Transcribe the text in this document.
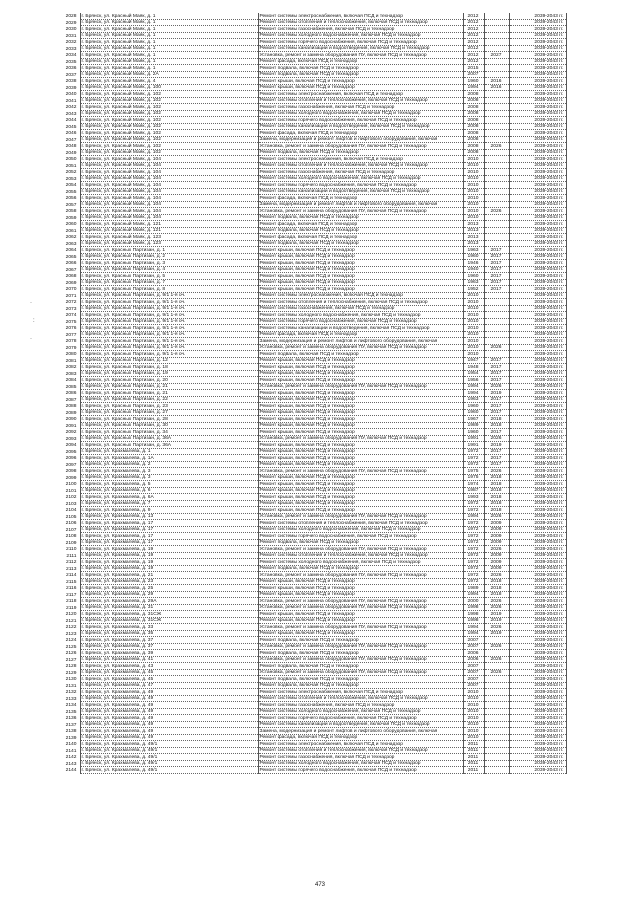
2028	г. Брянск, ул. Красный Маяк, д. 1	Ремонт системы электроснабжения, включая ПСД и технадзор	2012		2039-2043 гг.
2029	г. Брянск, ул. Красный Маяк, д. 1	Ремонт системы отопления и теплоснабжения, включая ПСД и технадзор	2012		2039-2043 гг.
2030	г. Брянск, ул. Красный Маяк, д. 1	Ремонт системы газоснабжения, включая ПСД и технадзор	2012		2039-2043 гг.
2031	г. Брянск, ул. Красный Маяк, д. 1	Ремонт системы холодного водоснабжения, включая ПСД и технадзор	2012		2039-2043 гг.
2032	г. Брянск, ул. Красный Маяк, д. 1	Ремонт системы горячего водоснабжения, включая ПСД и технадзор	2012		2039-2043 гг.
2033	г. Брянск, ул. Красный Маяк, д. 1	Ремонт системы канализации и водоотведения, включая ПСД и технадзор	2012		2039-2043 гг.
2034	г. Брянск, ул. Красный Маяк, д. 1	Установка, ремонт и замена оборудования ПУ, включая ПСД и технадзор	2012	2027	2039-2043 гг.
2035	г. Брянск, ул. Красный Маяк, д. 1	Ремонт фасада, включая ПСД и технадзор	2012		2039-2043 гг.
2036	г. Брянск, ул. Красный Маяк, д. 1	Ремонт подвала, включая ПСД и технадзор	2015		2039-2043 гг.
2037	г. Брянск, ул. Красный Маяк, д. 2А	Ремонт подвала, включая ПСД и технадзор	2007		2039-2043 гг.
2038	г. Брянск, ул. Красный Маяк, д. 4	Ремонт крыши, включая ПСД и технадзор	1960	2016	2039-2043 гг.
2039	г. Брянск, ул. Красный Маяк, д. 100	Ремонт крыши, включая ПСД и технадзор	1994	2016	2039-2043 гг.
2040	г. Брянск, ул. Красный Маяк, д. 102	Ремонт системы электроснабжения, включая ПСД и технадзор	2008		2039-2043 гг.
2041	г. Брянск, ул. Красный Маяк, д. 102	Ремонт системы отопления и теплоснабжения, включая ПСД и технадзор	2008		2039-2043 гг.
2042	г. Брянск, ул. Красный Маяк, д. 102	Ремонт системы газоснабжения, включая ПСД и технадзор	2008		2039-2043 гг.
2043	г. Брянск, ул. Красный Маяк, д. 102	Ремонт системы холодного водоснабжения, включая ПСД и технадзор	2008		2039-2043 гг.
2044	г. Брянск, ул. Красный Маяк, д. 102	Ремонт системы горячего водоснабжения, включая ПСД и технадзор	2008		2039-2043 гг.
2045	г. Брянск, ул. Красный Маяк, д. 102	Ремонт системы канализации и водоотведения, включая ПСД и технадзор	2008		2039-2043 гг.
2046	г. Брянск, ул. Красный Маяк, д. 102	Ремонт фасада, включая ПСД и технадзор	2008		2039-2043 гг.
2047	г. Брянск, ул. Красный Маяк, д. 102	Замена, модернизация и ремонт лифтов и лифтового оборудования, включая	2008		2039-2043 гг.
2048	г. Брянск, ул. Красный Маяк, д. 102	Установка, ремонт и замена оборудования ПУ, включая ПСД и технадзор	2008	2026	2039-2043 гг.
2049	г. Брянск, ул. Красный Маяк, д. 102	Ремонт подвала, включая ПСД и технадзор	2008		2039-2043 гг.
2050	г. Брянск, ул. Красный Маяк, д. 104	Ремонт системы электроснабжения, включая ПСД и технадзор	2010		2039-2043 гг.
2051	г. Брянск, ул. Красный Маяк, д. 104	Ремонт системы отопления и теплоснабжения, включая ПСД и технадзор	2010		2039-2043 гг.
2052	г. Брянск, ул. Красный Маяк, д. 104	Ремонт системы газоснабжения, включая ПСД и технадзор	2010		2039-2043 гг.
2053	г. Брянск, ул. Красный Маяк, д. 104	Ремонт системы холодного водоснабжения, включая ПСД и технадзор	2010		2039-2043 гг.
2054	г. Брянск, ул. Красный Маяк, д. 104	Ремонт системы горячего водоснабжения, включая ПСД и технадзор	2010		2039-2043 гг.
2055	г. Брянск, ул. Красный Маяк, д. 104	Ремонт системы канализации и водоотведения, включая ПСД и технадзор	2010		2039-2043 гг.
2056	г. Брянск, ул. Красный Маяк, д. 104	Ремонт фасада, включая ПСД и технадзор	2010		2039-2043 гг.
2057	г. Брянск, ул. Красный Маяк, д. 104	Замена, модернизация и ремонт лифтов и лифтового оборудования, включая	2010		2039-2043 гг.
2058	г. Брянск, ул. Красный Маяк, д. 104	Установка, ремонт и замена оборудования ПУ, включая ПСД и технадзор	2010	2026	2039-2043 гг.
2059	г. Брянск, ул. Красный Маяк, д. 104	Ремонт подвала, включая ПСД и технадзор	2010		2039-2043 гг.
2060	г. Брянск, ул. Красный Маяк, д. 121	Ремонт фасада, включая ПСД и технадзор	2013		2039-2043 гг.
2061	г. Брянск, ул. Красный Маяк, д. 121	Ремонт подвала, включая ПСД и технадзор	2013		2039-2043 гг.
2062	г. Брянск, ул. Красный Маяк, д. 123	Ремонт фасада, включая ПСД и технадзор	2013		2039-2043 гг.
2063	г. Брянск, ул. Красный Маяк, д. 123	Ремонт подвала, включая ПСД и технадзор	2013		2039-2043 гг.
2064	г. Брянск, ул. Красных Партизан, д. 1	Ремонт крыши, включая ПСД и технадзор	1963	2017	2039-2043 гг.
2065	г. Брянск, ул. Красных Партизан, д. 2	Ремонт крыши, включая ПСД и технадзор	1960	2017	2039-2043 гг.
2066	г. Брянск, ул. Красных Партизан, д. 3	Ремонт крыши, включая ПСД и технадзор	1946	2017	2039-2043 гг.
2067	г. Брянск, ул. Красных Партизан, д. 4	Ремонт крыши, включая ПСД и технадзор	1940	2017	2039-2043 гг.
2068	г. Брянск, ул. Красных Партизан, д. 5	Ремонт крыши, включая ПСД и технадзор	1960	2017	2039-2043 гг.
2069	г. Брянск, ул. Красных Партизан, д. 7	Ремонт крыши, включая ПСД и технадзор	1963	2017	2039-2043 гг.
2070	г. Брянск, ул. Красных Партизан, д. 8	Ремонт крыши, включая ПСД и технадзор	1952	2017	2039-2043 гг.
2071	г. Брянск, ул. Красных Партизан, д. 9/1 1-я оч.	Ремонт системы электроснабжения, включая ПСД и технадзор	2010		2039-2043 гг.
2072	г. Брянск, ул. Красных Партизан, д. 9/1 1-я оч.	Ремонт системы отопления и теплоснабжения, включая ПСД и технадзор	2010		2039-2043 гг.
2073	г. Брянск, ул. Красных Партизан, д. 9/1 1-я оч.	Ремонт системы газоснабжения, включая ПСД и технадзор	2010		2039-2043 гг.
2074	г. Брянск, ул. Красных Партизан, д. 9/1 1-я оч.	Ремонт системы холодного водоснабжения, включая ПСД и технадзор	2010		2039-2043 гг.
2075	г. Брянск, ул. Красных Партизан, д. 9/1 1-я оч.	Ремонт системы горячего водоснабжения, включая ПСД и технадзор	2010		2039-2043 гг.
2076	г. Брянск, ул. Красных Партизан, д. 9/1 1-я оч.	Ремонт системы канализации и водоотведения, включая ПСД и технадзор	2010		2039-2043 гг.
2077	г. Брянск, ул. Красных Партизан, д. 9/1 1-я оч.	Ремонт фасада, включая ПСД и технадзор	2010		2039-2043 гг.
2078	г. Брянск, ул. Красных Партизан, д. 9/1 1-я оч.	Замена, модернизация и ремонт лифтов и лифтового оборудования, включая	2010		2039-2043 гг.
2079	г. Брянск, ул. Красных Партизан, д. 9/1 1-я оч.	Установка, ремонт и замена оборудования ПУ, включая ПСД и технадзор	2010	2026	2039-2043 гг.
2080	г. Брянск, ул. Красных Партизан, д. 9/1 1-я оч.	Ремонт подвала, включая ПСД и технадзор	2010		2039-2043 гг.
2081	г. Брянск, ул. Красных Партизан, д. 12	Ремонт крыши, включая ПСД и технадзор	1947	2017	2039-2043 гг.
2082	г. Брянск, ул. Красных Партизан, д. 18	Ремонт крыши, включая ПСД и технадзор	1948	2017	2039-2043 гг.
2083	г. Брянск, ул. Красных Партизан, д. 19	Ремонт крыши, включая ПСД и технадзор	1954	2017	2039-2043 гг.
2084	г. Брянск, ул. Красных Партизан, д. 20	Ремонт крыши, включая ПСД и технадзор	1956	2017	2039-2043 гг.
2085	г. Брянск, ул. Красных Партизан, д. 21	Установка, ремонт и замена оборудования ПУ, включая ПСД и технадзор	1994	2026	2039-2043 гг.
2086	г. Брянск, ул. Красных Партизан, д. 21	Ремонт крыши, включая ПСД и технадзор	1994	2019	2039-2043 гг.
2087	г. Брянск, ул. Красных Партизан, д. 22	Ремонт крыши, включая ПСД и технадзор	1963	2017	2039-2043 гг.
2088	г. Брянск, ул. Красных Партизан, д. 23	Ремонт крыши, включая ПСД и технадзор	1960	2017	2039-2043 гг.
2089	г. Брянск, ул. Красных Партизан, д. 27	Ремонт крыши, включая ПСД и технадзор	1960	2017	2039-2043 гг.
2090	г. Брянск, ул. Красных Партизан, д. 28	Ремонт крыши, включая ПСД и технадзор	1967	2018	2039-2043 гг.
2091	г. Брянск, ул. Красных Партизан, д. 30	Ремонт крыши, включая ПСД и технадзор	1989	2018	2039-2043 гг.
2092	г. Брянск, ул. Красных Партизан, д. 34	Ремонт крыши, включая ПСД и технадзор	1960	2017	2039-2043 гг.
2093	г. Брянск, ул. Красных Партизан, д. 36А	Установка, ремонт и замена оборудования ПУ, включая ПСД и технадзор	1991	2026	2039-2043 гг.
2094	г. Брянск, ул. Красных Партизан, д. 36А	Ремонт крыши, включая ПСД и технадзор	1991	2019	2039-2043 гг.
2095	г. Брянск, ул. Крахмалева, д. 1	Ремонт крыши, включая ПСД и технадзор	1972	2017	2039-2043 гг.
2096	г. Брянск, ул. Крахмалева, д. 1А	Ремонт крыши, включая ПСД и технадзор	1972	2017	2039-2043 гг.
2097	г. Брянск, ул. Крахмалева, д. 2	Ремонт крыши, включая ПСД и технадзор	1972	2017	2039-2043 гг.
2098	г. Брянск, ул. Крахмалева, д. 3	Установка, ремонт и замена оборудования ПУ, включая ПСД и технадзор	1975	2026	2039-2043 гг.
2099	г. Брянск, ул. Крахмалева, д. 3	Ремонт крыши, включая ПСД и технадзор	1975	2018	2039-2043 гг.
2100	г. Брянск, ул. Крахмалева, д. 5	Ремонт крыши, включая ПСД и технадзор	1974	2018	2039-2043 гг.
2101	г. Брянск, ул. Крахмалева, д. 6	Ремонт крыши, включая ПСД и технадзор	1987	2018	2039-2043 гг.
2102	г. Брянск, ул. Крахмалева, д. 6А	Ремонт крыши, включая ПСД и технадзор	1993	2018	2039-2043 гг.
2103	г. Брянск, ул. Крахмалева, д. 7	Ремонт крыши, включая ПСД и технадзор	1972	2018	2039-2043 гг.
2104	г. Брянск, ул. Крахмалева, д. 9	Ремонт крыши, включая ПСД и технадзор	1972	2018	2039-2043 гг.
2105	г. Брянск, ул. Крахмалева, д. 13	Установка, ремонт и замена оборудования ПУ, включая ПСД и технадзор	1994	2026	2039-2043 гг.
2106	г. Брянск, ул. Крахмалева, д. 17	Ремонт системы отопления и теплоснабжения, включая ПСД и технадзор	1972	2009	2039-2043 гг.
2107	г. Брянск, ул. Крахмалева, д. 17	Ремонт системы холодного водоснабжения, включая ПСД и технадзор	1972	2009	2039-2043 гг.
2108	г. Брянск, ул. Крахмалева, д. 17	Ремонт системы горячего водоснабжения, включая ПСД и технадзор	1972	2009	2039-2043 гг.
2109	г. Брянск, ул. Крахмалева, д. 17	Ремонт подвала, включая ПСД и технадзор	1972	2009	2039-2043 гг.
2110	г. Брянск, ул. Крахмалева, д. 19	Установка, ремонт и замена оборудования ПУ, включая ПСД и технадзор	1972	2026	2039-2043 гг.
2111	г. Брянск, ул. Крахмалева, д. 19	Ремонт системы отопления и теплоснабжения, включая ПСД и технадзор	1972	2009	2039-2043 гг.
2112	г. Брянск, ул. Крахмалева, д. 19	Ремонт системы холодного водоснабжения, включая ПСД и технадзор	1972	2009	2039-2043 гг.
2113	г. Брянск, ул. Крахмалева, д. 19	Ремонт подвала, включая ПСД и технадзор	1972	2009	2039-2043 гг.
2114	г. Брянск, ул. Крахмалева, д. 21	Установка, ремонт и замена оборудования ПУ, включая ПСД и технадзор	1972	2026	2039-2043 гг.
2115	г. Брянск, ул. Крахмалева, д. 23	Ремонт крыши, включая ПСД и технадзор	1972	2018	2039-2043 гг.
2116	г. Брянск, ул. Крахмалева, д. 25	Ремонт крыши, включая ПСД и технадзор	1989	2018	2039-2043 гг.
2117	г. Брянск, ул. Крахмалева, д. 29	Ремонт крыши, включая ПСД и технадзор	1994	2018	2039-2043 гг.
2118	г. Брянск, ул. Крахмалева, д. 29А	Установка, ремонт и замена оборудования ПУ, включая ПСД и технадзор	2000	2026	2039-2043 гг.
2119	г. Брянск, ул. Крахмалева, д. 31	Установка, ремонт и замена оборудования ПУ, включая ПСД и технадзор	1998	2026	2039-2043 гг.
2120	г. Брянск, ул. Крахмалева, д. 31СЖ	Ремонт крыши, включая ПСД и технадзор	1998	2019	2039-2043 гг.
2121	г. Брянск, ул. Крахмалева, д. 31СЖ	Ремонт крыши, включая ПСД и технадзор	1998	2019	2039-2043 гг.
2122	г. Брянск, ул. Крахмалева, д. 33	Установка, ремонт и замена оборудования ПУ, включая ПСД и технадзор	1994	2026	2039-2043 гг.
2123	г. Брянск, ул. Крахмалева, д. 35	Ремонт крыши, включая ПСД и технадзор	1994	2019	2039-2043 гг.
2124	г. Брянск, ул. Крахмалева, д. 37	Ремонт подвала, включая ПСД и технадзор	2007		2039-2043 гг.
2125	г. Брянск, ул. Крахмалева, д. 37	Установка, ремонт и замена оборудования ПУ, включая ПСД и технадзор	2007	2026	2039-2043 гг.
2126	г. Брянск, ул. Крахмалева, д. 39	Ремонт подвала, включая ПСД и технадзор	2006		2039-2043 гг.
2127	г. Брянск, ул. Крахмалева, д. 41	Установка, ремонт и замена оборудования ПУ, включая ПСД и технадзор	2006	2026	2039-2043 гг.
2128	г. Брянск, ул. Крахмалева, д. 43	Ремонт подвала, включая ПСД и технадзор	2007		2039-2043 гг.
2129	г. Брянск, ул. Крахмалева, д. 45	Установка, ремонт и замена оборудования ПУ, включая ПСД и технадзор	2007	2026	2039-2043 гг.
2130	г. Брянск, ул. Крахмалева, д. 45	Ремонт подвала, включая ПСД и технадзор	2007		2039-2043 гг.
2131	г. Брянск, ул. Крахмалева, д. 47	Ремонт подвала, включая ПСД и технадзор	2007		2039-2043 гг.
2132	г. Брянск, ул. Крахмалева, д. 49	Ремонт системы электроснабжения, включая ПСД и технадзор	2010		2039-2043 гг.
2133	г. Брянск, ул. Крахмалева, д. 49	Ремонт системы отопления и теплоснабжения, включая ПСД и технадзор	2010		2039-2043 гг.
2134	г. Брянск, ул. Крахмалева, д. 49	Ремонт системы газоснабжения, включая ПСД и технадзор	2010		2039-2043 гг.
2135	г. Брянск, ул. Крахмалева, д. 49	Ремонт системы холодного водоснабжения, включая ПСД и технадзор	2010		2039-2043 гг.
2136	г. Брянск, ул. Крахмалева, д. 49	Ремонт системы горячего водоснабжения, включая ПСД и технадзор	2010		2039-2043 гг.
2137	г. Брянск, ул. Крахмалева, д. 49	Ремонт системы канализации и водоотведения, включая ПСД и технадзор	2010		2039-2043 гг.
2138	г. Брянск, ул. Крахмалева, д. 49	Замена, модернизация и ремонт лифтов и лифтового оборудования, включая	2010		2039-2043 гг.
2139	г. Брянск, ул. Крахмалева, д. 49	Ремонт фасада, включая ПСД и технадзор	2010		2039-2043 гг.
2140	г. Брянск, ул. Крахмалева, д. 49/1	Ремонт системы электроснабжения, включая ПСД и технадзор	2011		2039-2043 гг.
2141	г. Брянск, ул. Крахмалева, д. 49/1	Ремонт системы отопления и теплоснабжения, включая ПСД и технадзор	2011		2039-2043 гг.
2142	г. Брянск, ул. Крахмалева, д. 49/1	Ремонт системы газоснабжения, включая ПСД и технадзор	2011		2039-2043 гг.
2143	г. Брянск, ул. Крахмалева, д. 49/1	Ремонт системы холодного водоснабжения, включая ПСД и технадзор	2011		2039-2043 гг.
2144	г. Брянск, ул. Крахмалева, д. 49/1	Ремонт системы горячего водоснабжения, включая ПСД и технадзор	2011		2039-2043 гг.
·
:
·
473
